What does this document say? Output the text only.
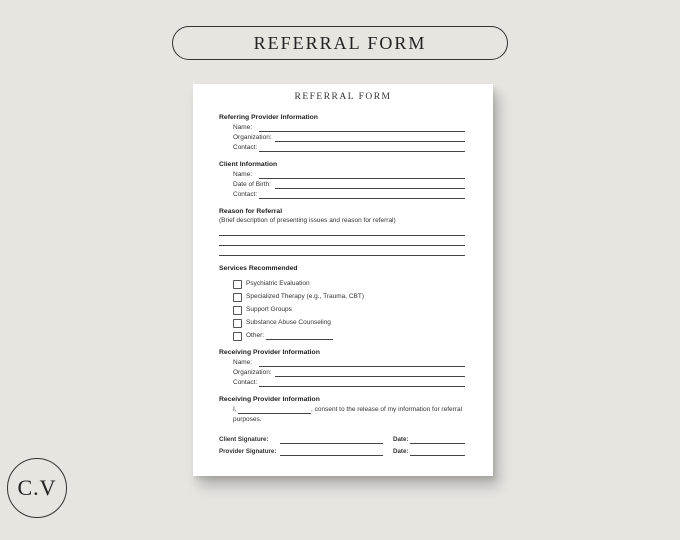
REFERRAL FORM
REFERRAL FORM
Referring Provider Information
Name:
Organization:
Contact:
Client Information
Name:
Date of Birth:
Contact:
Reason for Referral
(Brief description of presenting issues and reason for referral)
Services Recommended
Psychiatric Evaluation
Specialized Therapy (e.g., Trauma, CBT)
Support Groups
Substance Abuse Counseling
Other:
Receiving Provider Information
Name:
Organization:
Contact:
Receiving Provider Information
I,	, consent to the release of my information for referral
purposes.
Client Signature:	Date:
Provider Signature:	Date:
C.V
